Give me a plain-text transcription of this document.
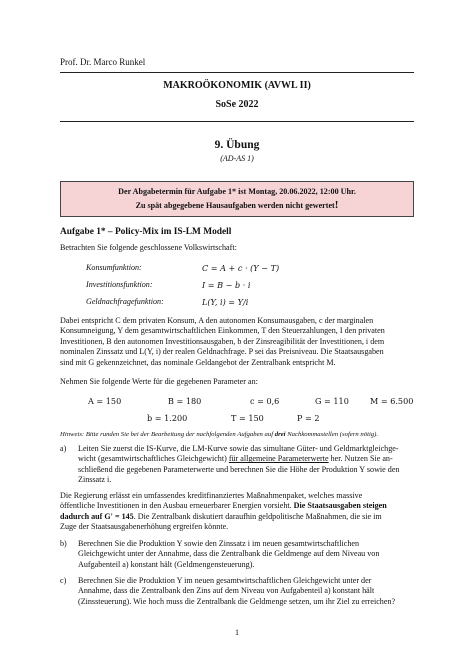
Prof. Dr. Marco Runkel
MAKROÖKONOMIK (AVWL II)
SoSe 2022
9. Übung
(AD-AS 1)
Der Abgabetermin für Aufgabe 1* ist Montag, 20.06.2022, 12:00 Uhr.
Zu spät abgegebene Hausaufgaben werden nicht gewertet!
Aufgabe 1* – Policy-Mix im IS-LM Modell
Betrachten Sie folgende geschlossene Volkswirtschaft:
Konsumfunktion:	C = A + c · (Y − T)
Investitionsfunktion:	I = B − b · i
Geldnachfragefunktion:	L(Y, i) = Y/i
Dabei entspricht C dem privaten Konsum, A den autonomen Konsumausgaben, c der marginalen
Konsumneigung, Y dem gesamtwirtschaftlichen Einkommen, T den Steuerzahlungen, I den privaten
Investitionen, B den autonomen Investitionsausgaben, b der Zinsreagibilität der Investitionen, i dem
nominalen Zinssatz und L(Y, i) der realen Geldnachfrage. P sei das Preisniveau. Die Staatsausgaben
sind mit G gekennzeichnet, das nominale Geldangebot der Zentralbank entspricht M.
Nehmen Sie folgende Werte für die gegebenen Parameter an:
A = 150	B = 180	c = 0,6	G = 110	M = 6.500
b = 1.200	T = 150	P = 2
Hinweis: Bitte runden Sie bei der Bearbeitung der nachfolgenden Aufgaben auf drei Nachkommastellen (sofern nötig).
a) Leiten Sie zuerst die IS-Kurve, die LM-Kurve sowie das simultane Güter- und Geldmarktgleichge-
wicht (gesamtwirtschaftliches Gleichgewicht) für allgemeine Parameterwerte her. Nutzen Sie an-
schließend die gegebenen Parameterwerte und berechnen Sie die Höhe der Produktion Y sowie den
Zinssatz i.
Die Regierung erlässt ein umfassendes kreditfinanziertes Maßnahmenpaket, welches massive
öffentliche Investitionen in den Ausbau erneuerbarer Energien vorsieht. Die Staatsausgaben steigen
dadurch auf G' = 145. Die Zentralbank diskutiert daraufhin geldpolitische Maßnahmen, die sie im
Zuge der Staatsausgabenerhöhung ergreifen könnte.
b) Berechnen Sie die Produktion Y sowie den Zinssatz i im neuen gesamtwirtschaftlichen
Gleichgewicht unter der Annahme, dass die Zentralbank die Geldmenge auf dem Niveau von
Aufgabenteil a) konstant hält (Geldmengensteuerung).
c) Berechnen Sie die Produktion Y im neuen gesamtwirtschaftlichen Gleichgewicht unter der
Annahme, dass die Zentralbank den Zins auf dem Niveau von Aufgabenteil a) konstant hält
(Zinssteuerung). Wie hoch muss die Zentralbank die Geldmenge setzen, um ihr Ziel zu erreichen?
1
